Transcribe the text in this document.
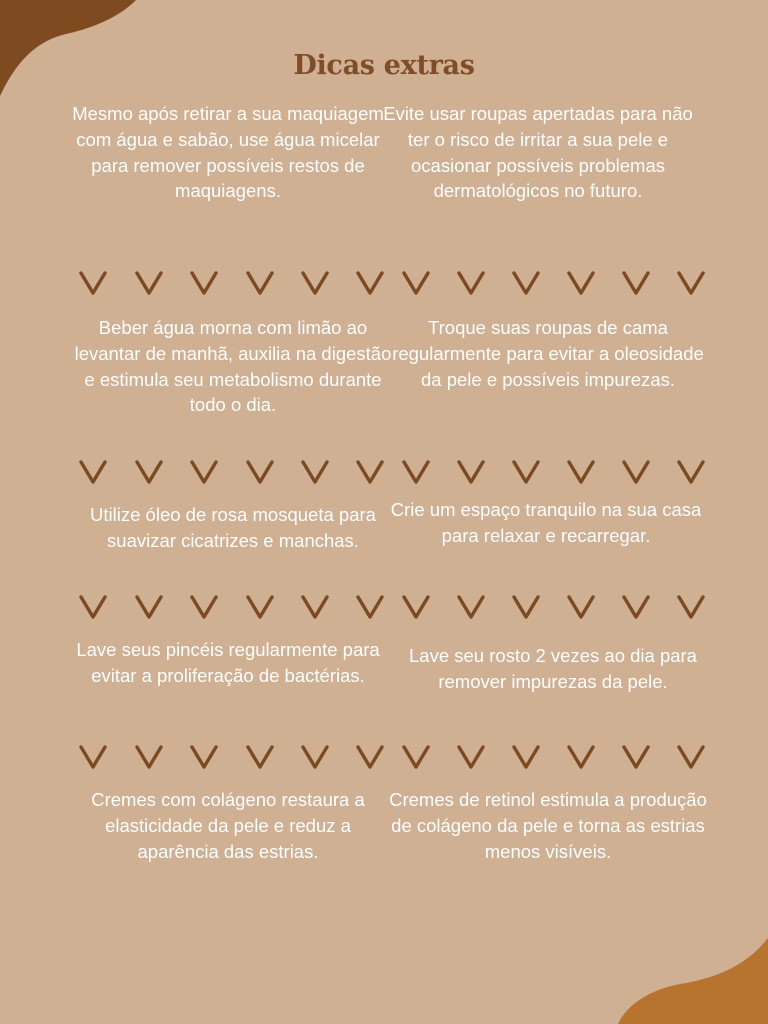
Dicas extras
Mesmo após retirar a sua maquiagem com água e sabão, use água micelar para remover possíveis restos de maquiagens.
Evite usar roupas apertadas para não ter o risco de irritar a sua pele e ocasionar possíveis problemas dermatológicos no futuro.
Beber água morna com limão ao levantar de manhã, auxilia na digestão e estimula seu metabolismo durante todo o dia.
Troque suas roupas de cama regularmente para evitar a oleosidade da pele e possíveis impurezas.
Utilize óleo de rosa mosqueta para suavizar cicatrizes e manchas.
Crie um espaço tranquilo na sua casa para relaxar e recarregar.
Lave seus pincéis regularmente para evitar a proliferação de bactérias.
Lave seu rosto 2 vezes ao dia para remover impurezas da pele.
Cremes com colágeno restaura a elasticidade da pele e reduz a aparência das estrias.
Cremes de retinol estimula a produção de colágeno da pele e torna as estrias menos visíveis.
